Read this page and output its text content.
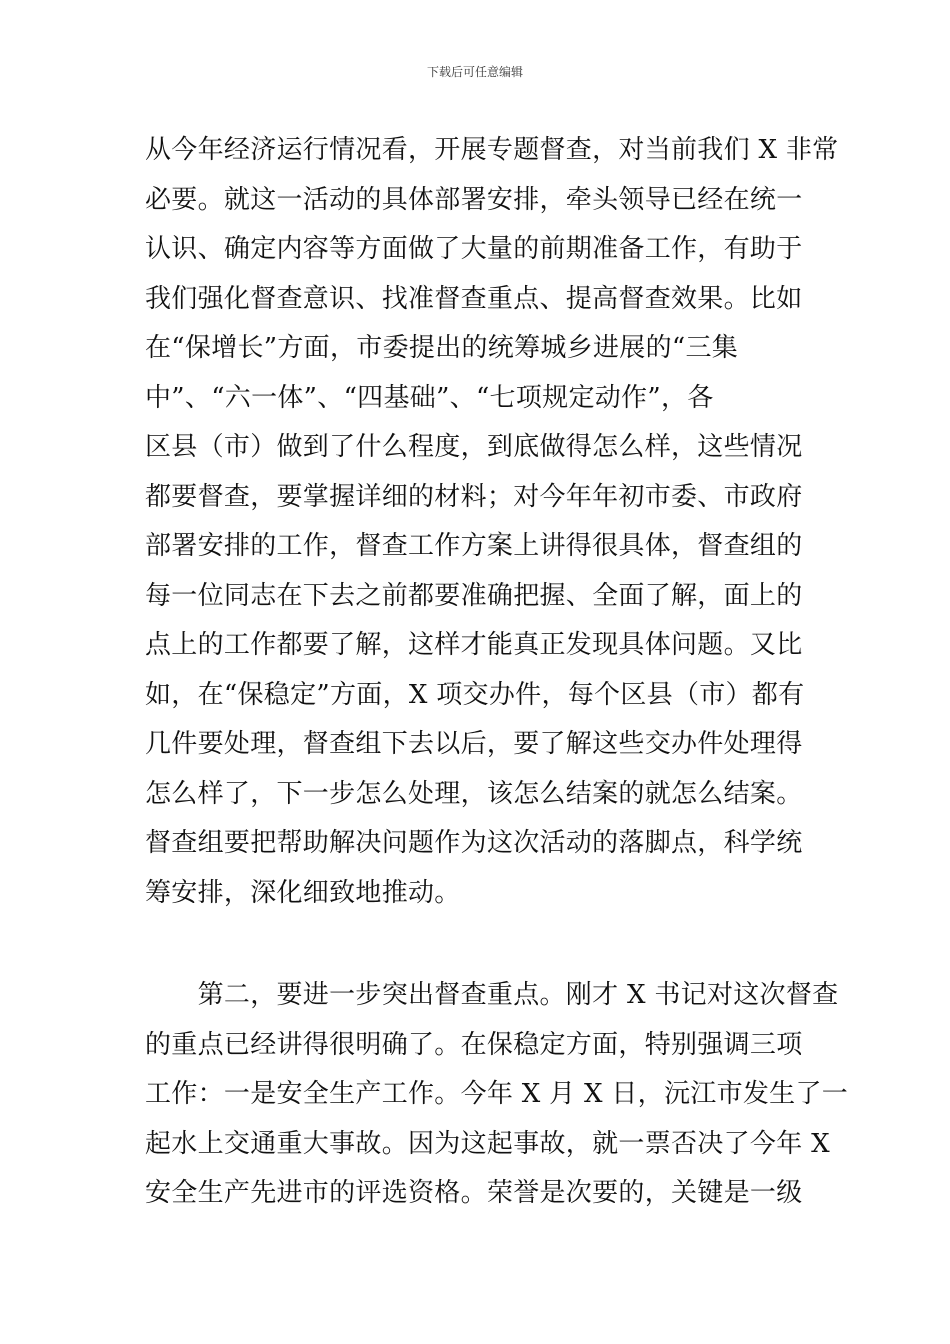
下载后可任意编辑

从今年经济运行情况看，开展专题督查，对当前我们 X 非常
必要。就这一活动的具体部署安排，牵头领导已经在统一
认识、确定内容等方面做了大量的前期准备工作，有助于
我们强化督查意识、找准督查重点、提高督查效果。比如
在“保增长”方面，市委提出的统筹城乡进展的“三集
中”、“六一体”、“四基础”、“七项规定动作”，各
区县（市）做到了什么程度，到底做得怎么样，这些情况
都要督查，要掌握详细的材料；对今年年初市委、市政府
部署安排的工作，督查工作方案上讲得很具体，督查组的
每一位同志在下去之前都要准确把握、全面了解，面上的
点上的工作都要了解，这样才能真正发现具体问题。又比
如，在“保稳定”方面，X 项交办件，每个区县（市）都有
几件要处理，督查组下去以后，要了解这些交办件处理得
怎么样了，下一步怎么处理，该怎么结案的就怎么结案。
督查组要把帮助解决问题作为这次活动的落脚点，科学统
筹安排，深化细致地推动。

　　第二，要进一步突出督查重点。刚才 X 书记对这次督查
的重点已经讲得很明确了。在保稳定方面，特别强调三项
工作：一是安全生产工作。今年 X 月 X 日，沅江市发生了一
起水上交通重大事故。因为这起事故，就一票否决了今年 X
安全生产先进市的评选资格。荣誉是次要的，关键是一级
